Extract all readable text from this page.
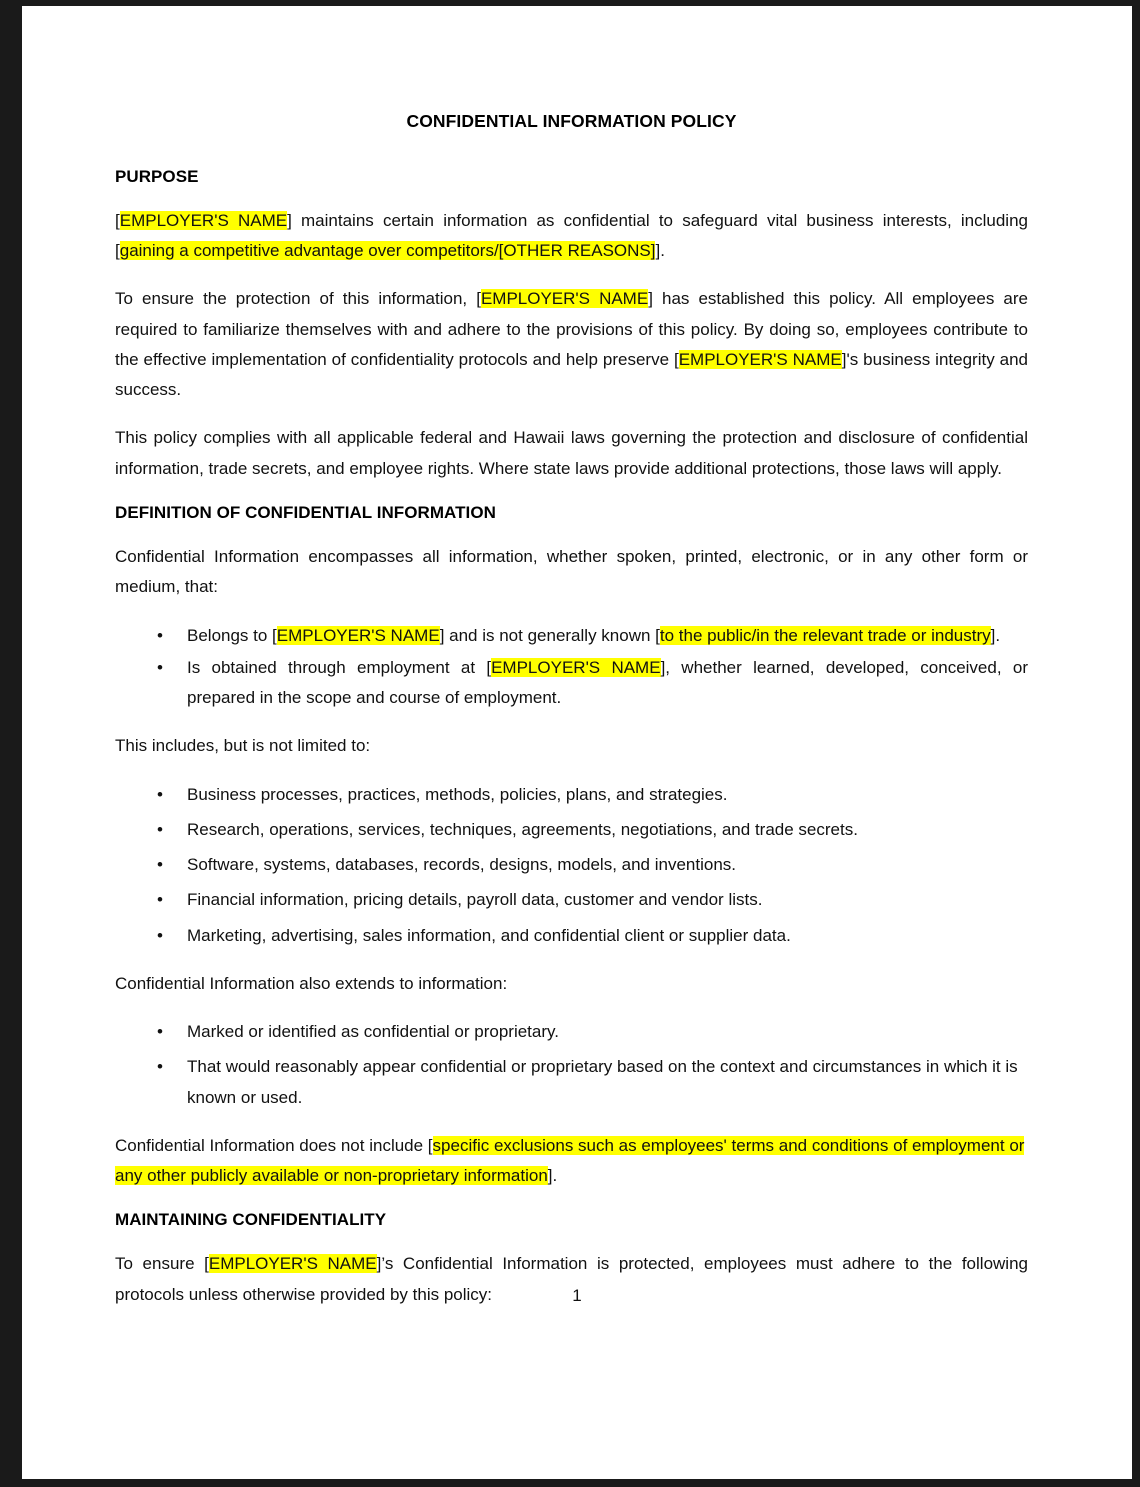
CONFIDENTIAL INFORMATION POLICY
PURPOSE

[EMPLOYER'S NAME] maintains certain information as confidential to safeguard vital business interests, including [gaining a competitive advantage over competitors/[OTHER REASONS]].

To ensure the protection of this information, [EMPLOYER'S NAME] has established this policy. All employees are required to familiarize themselves with and adhere to the provisions of this policy. By doing so, employees contribute to the effective implementation of confidentiality protocols and help preserve [EMPLOYER'S NAME]'s business integrity and success.

This policy complies with all applicable federal and Hawaii laws governing the protection and disclosure of confidential information, trade secrets, and employee rights. Where state laws provide additional protections, those laws will apply.

DEFINITION OF CONFIDENTIAL INFORMATION

Confidential Information encompasses all information, whether spoken, printed, electronic, or in any other form or medium, that:

• Belongs to [EMPLOYER'S NAME] and is not generally known [to the public/in the relevant trade or industry].
• Is obtained through employment at [EMPLOYER'S NAME], whether learned, developed, conceived, or prepared in the scope and course of employment.

This includes, but is not limited to:

• Business processes, practices, methods, policies, plans, and strategies.
• Research, operations, services, techniques, agreements, negotiations, and trade secrets.
• Software, systems, databases, records, designs, models, and inventions.
• Financial information, pricing details, payroll data, customer and vendor lists.
• Marketing, advertising, sales information, and confidential client or supplier data.

Confidential Information also extends to information:

• Marked or identified as confidential or proprietary.
• That would reasonably appear confidential or proprietary based on the context and circumstances in which it is known or used.

Confidential Information does not include [specific exclusions such as employees' terms and conditions of employment or any other publicly available or non-proprietary information].

MAINTAINING CONFIDENTIALITY

To ensure [EMPLOYER'S NAME]’s Confidential Information is protected, employees must adhere to the following protocols unless otherwise provided by this policy:	1
